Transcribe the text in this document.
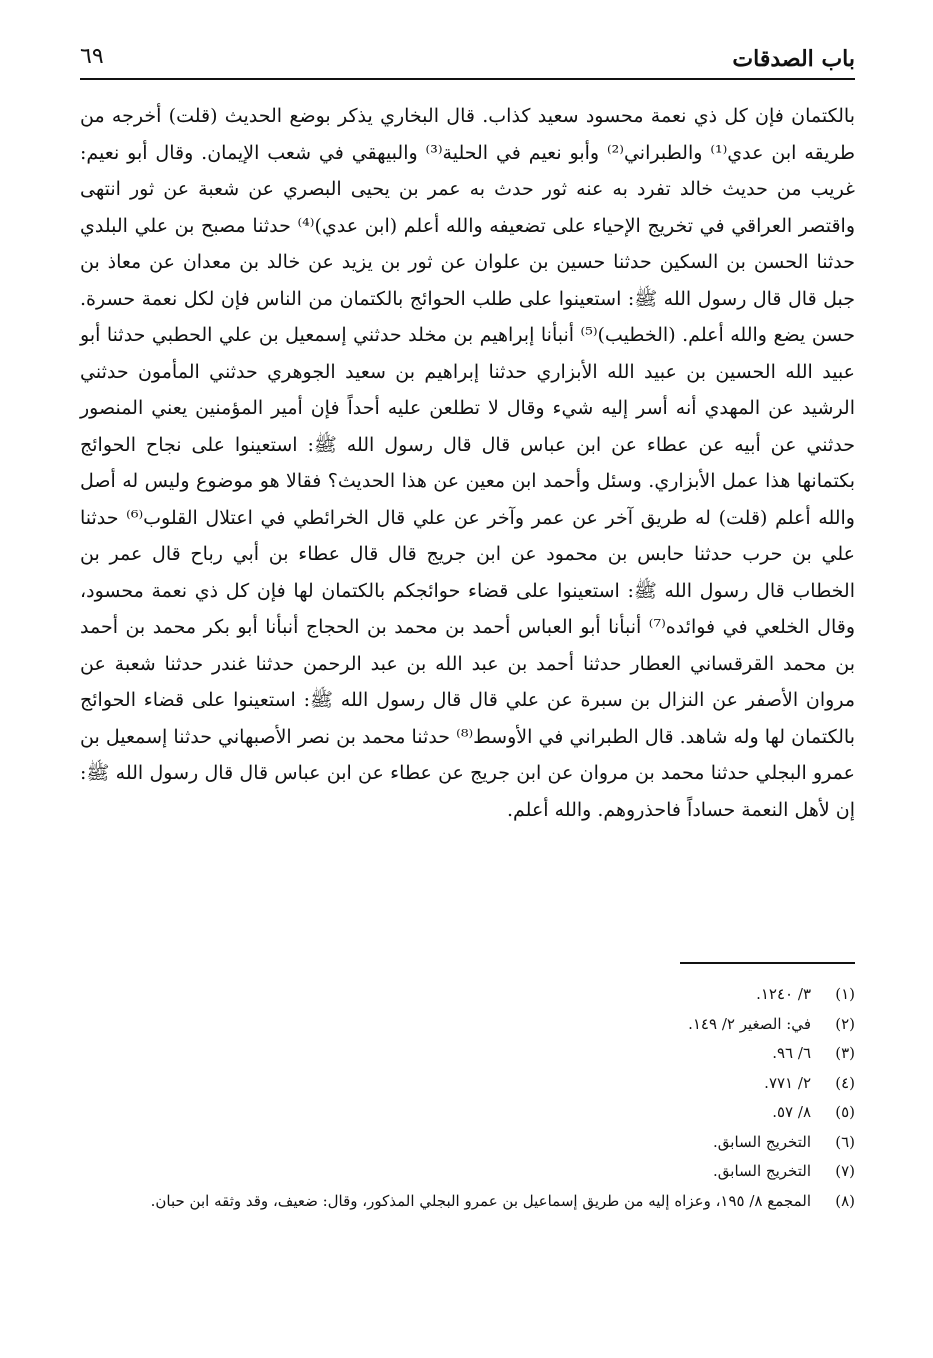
باب الصدقات
٦٩

بالكتمان فإن كل ذي نعمة محسود سعيد كذاب. قال البخاري يذكر بوضع الحديث (قلت) أخرجه من طريقه ابن عدي⁽¹⁾ والطبراني⁽²⁾ وأبو نعيم في الحلية⁽³⁾ والبيهقي في شعب الإيمان. وقال أبو نعيم: غريب من حديث خالد تفرد به عنه ثور حدث به عمر بن يحيى البصري عن شعبة عن ثور انتهى واقتصر العراقي في تخريج الإحياء على تضعيفه والله أعلم (ابن عدي)⁽⁴⁾ حدثنا مصبح بن علي البلدي حدثنا الحسن بن السكين حدثنا حسين بن علوان عن ثور بن يزيد عن خالد بن معدان عن معاذ بن جبل قال قال رسول الله ﷺ: استعينوا على طلب الحوائج بالكتمان من الناس فإن لكل نعمة حسرة. حسن يضع والله أعلم. (الخطيب)⁽⁵⁾ أنبأنا إبراهيم بن مخلد حدثني إسمعيل بن علي الحطبي حدثنا أبو عبيد الله الحسين بن عبيد الله الأبزاري حدثنا إبراهيم بن سعيد الجوهري حدثني المأمون حدثني الرشيد عن المهدي أنه أسر إليه شيء وقال لا تطلعن عليه أحداً فإن أمير المؤمنين يعني المنصور حدثني عن أبيه عن عطاء عن ابن عباس قال قال رسول الله ﷺ: استعينوا على نجاح الحوائج بكتمانها هذا عمل الأبزاري. وسئل وأحمد ابن معين عن هذا الحديث؟ فقالا هو موضوع وليس له أصل والله أعلم (قلت) له طريق آخر عن عمر وآخر عن علي قال الخرائطي في اعتلال القلوب⁽⁶⁾ حدثنا علي بن حرب حدثنا حابس بن محمود عن ابن جريج قال قال عطاء بن أبي رباح قال عمر بن الخطاب قال رسول الله ﷺ: استعينوا على قضاء حوائجكم بالكتمان لها فإن كل ذي نعمة محسود، وقال الخلعي في فوائده⁽⁷⁾ أنبأنا أبو العباس أحمد بن محمد بن الحجاج أنبأنا أبو بكر محمد بن أحمد بن محمد القرقساني العطار حدثنا أحمد بن عبد الله بن عبد الرحمن حدثنا غندر حدثنا شعبة عن مروان الأصفر عن النزال بن سبرة عن علي قال قال رسول الله ﷺ: استعينوا على قضاء الحوائج بالكتمان لها وله شاهد. قال الطبراني في الأوسط⁽⁸⁾ حدثنا محمد بن نصر الأصبهاني حدثنا إسمعيل بن عمرو البجلي حدثنا محمد بن مروان عن ابن جريج عن عطاء عن ابن عباس قال قال رسول الله ﷺ: إن لأهل النعمة حساداً فاحذروهم. والله أعلم.

(١)
٣/ ١٢٤٠.
(٢)
في: الصغير ٢/ ١٤٩.
(٣)
٦/ ٩٦.
(٤)
٢/ ٧٧١.
(٥)
٨/ ٥٧.
(٦)
التخريج السابق.
(٧)
التخريج السابق.
(٨)
المجمع ٨/ ١٩٥، وعزاه إليه من طريق إسماعيل بن عمرو البجلي المذكور، وقال: ضعيف، وقد وثقه ابن حبان.
